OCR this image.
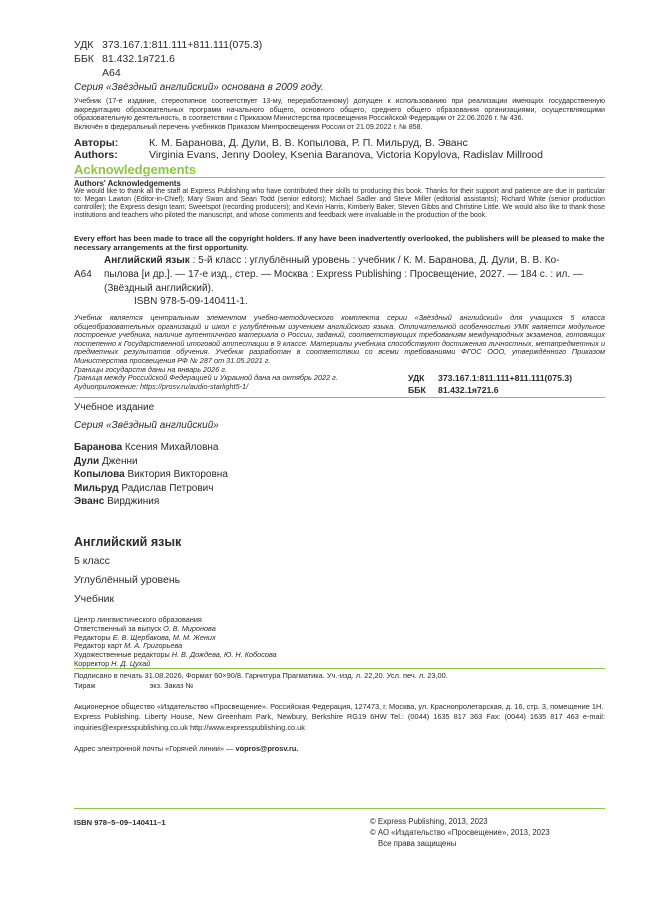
УДК 373.167.1:811.111+811.111(075.3)
ББК 81.432.1я721.6
А64

Серия «Звёздный английский» основана в 2009 году.

Учебник (17-е издание, стереотипное соответствует 13-му, переработанному) допущен к использованию при реализации имеющих государственную аккредитацию образовательных программ начального общего, основного общего, среднего общего образования организациями, осуществляющими образовательную деятельность, в соответствии с Приказом Министерства просвещения Российской Федерации от 22.06.2026 г. № 436.

Включён в федеральный перечень учебников Приказом Минпросвещения России от 21.09.2022 г. № 858.

Авторы:	К. М. Баранова, Д. Дули, В. В. Копылова, Р. П. Мильруд, В. Эванс
Authors:	Virginia Evans, Jenny Dooley, Ksenia Baranova, Victoria Kopylova, Radislav Millrood
Acknowledgements
Authors' Acknowledgements

We would like to thank all the staff at Express Publishing who have contributed their skills to producing this book. Thanks for their support and patience are due in particular to: Megan Lawton (Editor-in-Chief); Mary Swan and Sean Todd (senior editors); Michael Sadler and Steve Miller (editorial assistants); Richard White (senior production controller); the Express design team; Sweetspot (recording producers); and Kevin Harris, Kimberly Baker, Steven Gibbs and Christine Little. We would also like to thank those institutions and teachers who piloted the manuscript, and whose comments and feedback were invaluable in the production of the book.

Every effort has been made to trace all the copyright holders. If any have been inadvertently overlooked, the publishers will be pleased to make the necessary arrangements at the first opportunity.

А64
Английский язык : 5-й класс : углублённый уровень : учебник / К. М. Баранова, Д. Дули, В. В. Ко-
пылова [и др.]. — 17-е изд., стер. — Москва : Express Publishing : Просвещение, 2027. — 184 с. : ил. —
(Звёздный английский).
ISBN 978-5-09-140411-1.

Учебник является центральным элементом учебно-методического комплекта серии «Звёздный английский» для учащихся 5 класса общеобразовательных организаций и школ с углублённым изучением английского языка. Отличительной особенностью УМК является модульное построение учебника, наличие аутентичного материала о России, заданий, соответствующих требованиям международных экзаменов, готовящих постепенно к Государственной итоговой аттестации в 9 классе. Материалы учебника способствуют достижению личностных, метапредметных и предметных результатов обучения. Учебник разработан в соответствии со всеми требованиями ФГОС ООО, утверждённого Приказом Министерства просвещения РФ № 287 от 31.05.2021 г.

Границы государств даны на январь 2026 г.

Граница между Российской Федерацией и Украиной дана на октябрь 2022 г.

Аудиоприложение: https://prosv.ru/audio-starlight5-1/

УДК	373.167.1:811.111+811.111(075.3)
ББК	81.432.1я721.6

Учебное издание

Серия «Звёздный английский»

Баранова Ксения Михайловна
Дули Дженни
Копылова Виктория Викторовна
Мильруд Радислав Петрович
Эванс Вирджиния

Английский язык

5 класс

Углублённый уровень

Учебник

Центр лингвистического образования
Ответственный за выпуск О. В. Миронова
Редакторы Е. В. Щербакова, М. М. Жених
Редактор карт М. А. Григорьева
Художественные редакторы Н. В. Дождева, Ю. Н. Кобосова
Корректор Н. Д. Цухай
Подписано в печать 31.08.2026. Формат 60×90/8. Гарнитура Прагматика. Уч.-изд. л. 22,20. Усл. печ. л. 23,00.
Тираж	экз. Заказ №

Акционерное общество «Издательство «Просвещение». Российская Федерация, 127473, г. Москва, ул. Краснопролетарская, д. 16, стр. 3, помещение 1Н.

Express Publishing. Liberty House, New Greenham Park, Newbury, Berkshire RG19 6HW Tel.: (0044) 1635 817 363 Fax: (0044) 1635 817 463 e-mail: inquiries@expresspublishing.co.uk http://www.expresspublishing.co.uk

Адрес электронной почты «Горячей линии» — vopros@prosv.ru.

ISBN 978–5–09–140411–1	© Express Publishing, 2013, 2023
© АО «Издательство «Просвещение», 2013, 2023
Все права защищены
